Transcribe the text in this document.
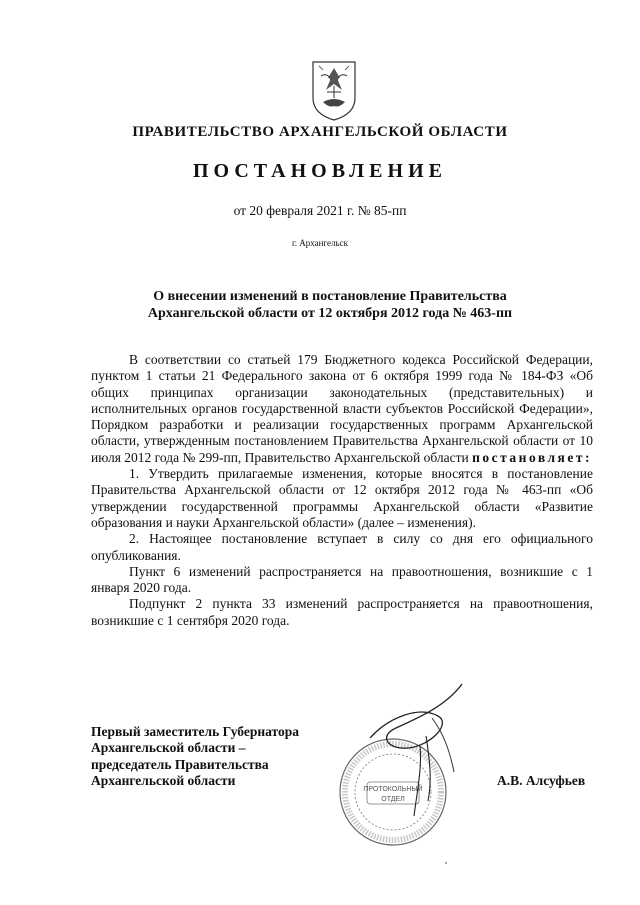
ПРАВИТЕЛЬСТВО АРХАНГЕЛЬСКОЙ ОБЛАСТИ
ПОСТАНОВЛЕНИЕ
от 20 февраля 2021 г. № 85-пп
г. Архангельск
О внесении изменений в постановление Правительства
Архангельской области от 12 октября 2012 года № 463-пп

В соответствии со статьей 179 Бюджетного кодекса Российской Федерации, пунктом 1 статьи 21 Федерального закона от 6 октября 1999 года № 184-ФЗ «Об общих принципах организации законодательных (представительных) и исполнительных органов государственной власти субъектов Российской Федерации», Порядком разработки и реализации государственных программ Архангельской области, утвержденным постановлением Правительства Архангельской области от 10 июля 2012 года № 299-пп, Правительство Архангельской области постановляет:

1. Утвердить прилагаемые изменения, которые вносятся в постановление Правительства Архангельской области от 12 октября 2012 года № 463-пп «Об утверждении государственной программы Архангельской области «Развитие образования и науки Архангельской области» (далее – изменения).

2. Настоящее постановление вступает в силу со дня его официального опубликования.

Пункт 6 изменений распространяется на правоотношения, возникшие с 1 января 2020 года.

Подпункт 2 пункта 33 изменений распространяется на правоотношения, возникшие с 1 сентября 2020 года.

Первый заместитель Губернатора
Архангельской области –
председатель Правительства
Архангельской области
ПРОТОКОЛЬНЫЙ
ОТДЕЛ
А.В. Алсуфьев
